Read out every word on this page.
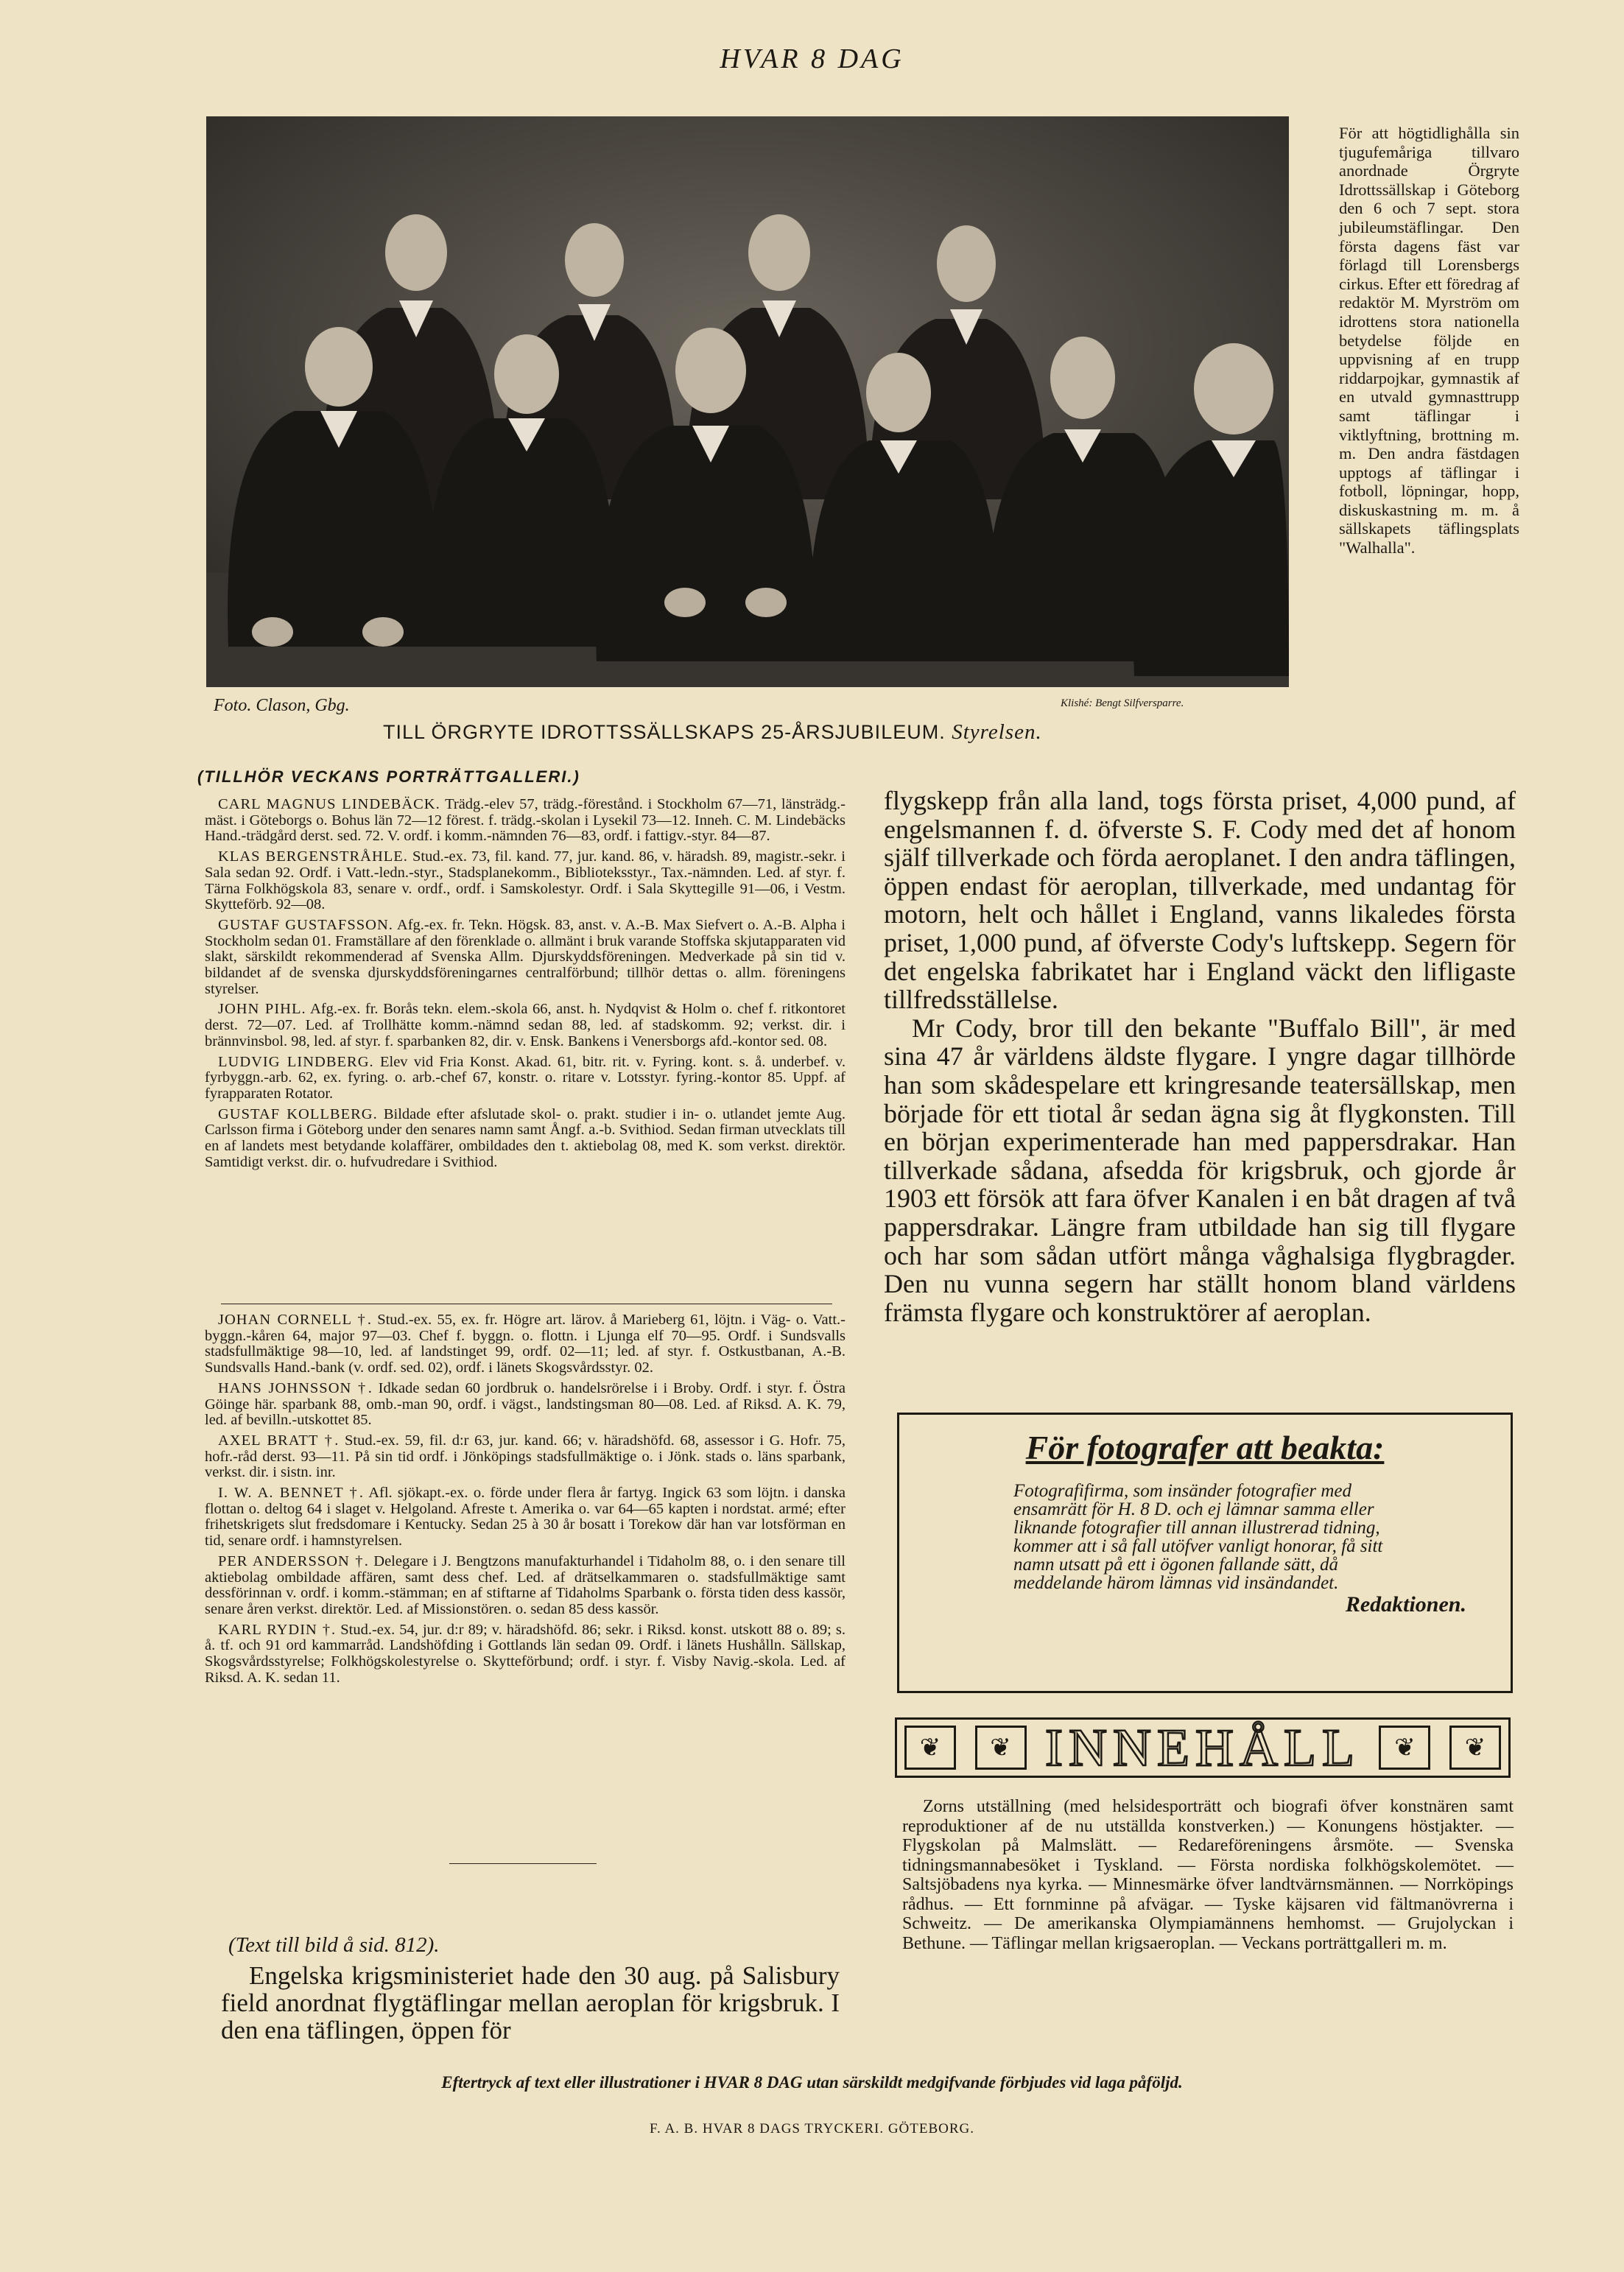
HVAR 8 DAG
Foto. Clason, Gbg.	Klishé: Bengt Silfversparre.
TILL ÖRGRYTE IDROTTSSÄLLSKAPS 25-ÅRSJUBILEUM. Styrelsen.
För att högtidlighålla sin tjugufemåriga tillvaro anordnade Örgryte Idrottssällskap i Göteborg den 6 och 7 sept. stora jubileumstäflingar. Den första dagens fäst var förlagd till Lorensbergs cirkus. Efter ett föredrag af redaktör M. Myrström om idrottens stora nationella betydelse följde en uppvisning af en trupp riddarpojkar, gymnastik af en utvald gymnasttrupp samt täflingar i viktlyftning, brottning m. m. Den andra fästdagen upptogs af täflingar i fotboll, löpningar, hopp, diskuskastning m. m. å sällskapets täflingsplats "Walhalla".
(TILLHÖR VECKANS PORTRÄTTGALLERI.)

CARL MAGNUS LINDEBÄCK. Trädg.-elev 57, trädg.-förestånd. i Stockholm 67—71, länsträdg.-mäst. i Göteborgs o. Bohus län 72—12 förest. f. trädg.-skolan i Lysekil 73—12. Inneh. C. M. Lindebäcks Hand.-trädgård derst. sed. 72. V. ordf. i komm.-nämnden 76—83, ordf. i fattigv.-styr. 84—87.

KLAS BERGENSTRÅHLE. Stud.-ex. 73, fil. kand. 77, jur. kand. 86, v. häradsh. 89, magistr.-sekr. i Sala sedan 92. Ordf. i Vatt.-ledn.-styr., Stadsplanekomm., Biblioteksstyr., Tax.-nämnden. Led. af styr. f. Tärna Folkhögskola 83, senare v. ordf., ordf. i Samskolestyr. Ordf. i Sala Skyttegille 91—06, i Vestm. Skytteförb. 92—08.

GUSTAF GUSTAFSSON. Afg.-ex. fr. Tekn. Högsk. 83, anst. v. A.-B. Max Siefvert o. A.-B. Alpha i Stockholm sedan 01. Framställare af den förenklade o. allmänt i bruk varande Stoffska skjutapparaten vid slakt, särskildt rekommenderad af Svenska Allm. Djurskyddsföreningen. Medverkade på sin tid v. bildandet af de svenska djurskyddsföreningarnes centralförbund; tillhör dettas o. allm. föreningens styrelser.

JOHN PIHL. Afg.-ex. fr. Borås tekn. elem.-skola 66, anst. h. Nydqvist & Holm o. chef f. ritkontoret derst. 72—07. Led. af Trollhätte komm.-nämnd sedan 88, led. af stadskomm. 92; verkst. dir. i brännvinsbol. 98, led. af styr. f. sparbanken 82, dir. v. Ensk. Bankens i Venersborgs afd.-kontor sed. 08.

LUDVIG LINDBERG. Elev vid Fria Konst. Akad. 61, bitr. rit. v. Fyring. kont. s. å. underbef. v. fyrbyggn.-arb. 62, ex. fyring. o. arb.-chef 67, konstr. o. ritare v. Lotsstyr. fyring.-kontor 85. Uppf. af fyrapparaten Rotator.

GUSTAF KOLLBERG. Bildade efter afslutade skol- o. prakt. studier i in- o. utlandet jemte Aug. Carlsson firma i Göteborg under den senares namn samt Ångf. a.-b. Svithiod. Sedan firman utvecklats till en af landets mest betydande kolaffärer, ombildades den t. aktiebolag 08, med K. som verkst. direktör. Samtidigt verkst. dir. o. hufvudredare i Svithiod.

JOHAN CORNELL †. Stud.-ex. 55, ex. fr. Högre art. lärov. å Marieberg 61, löjtn. i Väg- o. Vatt.-byggn.-kåren 64, major 97—03. Chef f. byggn. o. flottn. i Ljunga elf 70—95. Ordf. i Sundsvalls stadsfullmäktige 98—10, led. af landstinget 99, ordf. 02—11; led. af styr. f. Ostkustbanan, A.-B. Sundsvalls Hand.-bank (v. ordf. sed. 02), ordf. i länets Skogsvårdsstyr. 02.

HANS JOHNSSON †. Idkade sedan 60 jordbruk o. handelsrörelse i i Broby. Ordf. i styr. f. Östra Göinge här. sparbank 88, omb.-man 90, ordf. i vägst., landstingsman 80—08. Led. af Riksd. A. K. 79, led. af bevilln.-utskottet 85.

AXEL BRATT †. Stud.-ex. 59, fil. d:r 63, jur. kand. 66; v. häradshöfd. 68, assessor i G. Hofr. 75, hofr.-råd derst. 93—11. På sin tid ordf. i Jönköpings stadsfullmäktige o. i Jönk. stads o. läns sparbank, verkst. dir. i sistn. inr.

I. W. A. BENNET †. Afl. sjökapt.-ex. o. förde under flera år fartyg. Ingick 63 som löjtn. i danska flottan o. deltog 64 i slaget v. Helgoland. Afreste t. Amerika o. var 64—65 kapten i nordstat. armé; efter frihetskrigets slut fredsdomare i Kentucky. Sedan 25 à 30 år bosatt i Torekow där han var lotsförman en tid, senare ordf. i hamnstyrelsen.

PER ANDERSSON †. Delegare i J. Bengtzons manufakturhandel i Tidaholm 88, o. i den senare till aktiebolag ombildade affären, samt dess chef. Led. af drätselkammaren o. stadsfullmäktige samt dessförinnan v. ordf. i komm.-stämman; en af stiftarne af Tidaholms Sparbank o. första tiden dess kassör, senare åren verkst. direktör. Led. af Missionstören. o. sedan 85 dess kassör.

KARL RYDIN †. Stud.-ex. 54, jur. d:r 89; v. häradshöfd. 86; sekr. i Riksd. konst. utskott 88 o. 89; s. å. tf. och 91 ord kammarråd. Landshöfding i Gottlands län sedan 09. Ordf. i länets Hushålln. Sällskap, Skogsvårdsstyrelse; Folkhögskolestyrelse o. Skytteförbund; ordf. i styr. f. Visby Navig.-skola. Led. af Riksd. A. K. sedan 11.

(Text till bild å sid. 812).
Engelska krigsministeriet hade den 30 aug. på Salisbury field anordnat flygtäflingar mellan aeroplan för krigsbruk. I den ena täflingen, öppen för

flygskepp från alla land, togs första priset, 4,000 pund, af engelsmannen f. d. öfverste S. F. Cody med det af honom själf tillverkade och förda aeroplanet. I den andra täflingen, öppen endast för aeroplan, tillverkade, med undantag för motorn, helt och hållet i England, vanns likaledes första priset, 1,000 pund, af öfverste Cody's luftskepp. Segern för det engelska fabrikatet har i England väckt den lifligaste tillfredsställelse.

Mr Cody, bror till den bekante "Buffalo Bill", är med sina 47 år världens äldste flygare. I yngre dagar tillhörde han som skådespelare ett kringresande teatersällskap, men började för ett tiotal år sedan ägna sig åt flygkonsten. Till en början experimenterade han med pappersdrakar. Han tillverkade sådana, afsedda för krigsbruk, och gjorde år 1903 ett försök att fara öfver Kanalen i en båt dragen af två pappersdrakar. Längre fram utbildade han sig till flygare och har som sådan utfört många våghalsiga flygbragder. Den nu vunna segern har ställt honom bland världens främsta flygare och konstruktörer af aeroplan.

För fotografer att beakta:
Fotografifirma, som insänder fotografier med ensamrätt för H. 8 D. och ej lämnar samma eller liknande fotografier till annan illustrerad tidning, kommer att i så fall utöfver vanligt honorar, få sitt namn utsatt på ett i ögonen fallande sätt, då meddelande härom lämnas vid insändandet.
Redaktionen.
❦	❦ INNEHÅLL	❦	❦

Zorns utställning (med helsidesporträtt och biografi öfver konstnären samt reproduktioner af de nu utställda konstverken.) — Konungens höstjakter. — Flygskolan på Malmslätt. — Redareföreningens årsmöte. — Svenska tidningsmannabesöket i Tyskland. — Första nordiska folkhögskolemötet. — Saltsjöbadens nya kyrka. — Minnesmärke öfver landtvärnsmännen. — Norrköpings rådhus. — Ett fornminne på afvägar. — Tyske käjsaren vid fältmanövrerna i Schweitz. — De amerikanska Olympiamännens hemhomst. — Grujolyckan i Bethune. — Täflingar mellan krigsaeroplan. — Veckans porträttgalleri m. m.

Eftertryck af text eller illustrationer i HVAR 8 DAG utan särskildt medgifvande förbjudes vid laga påföljd.
F. A. B. HVAR 8 DAGS TRYCKERI. GÖTEBORG.
